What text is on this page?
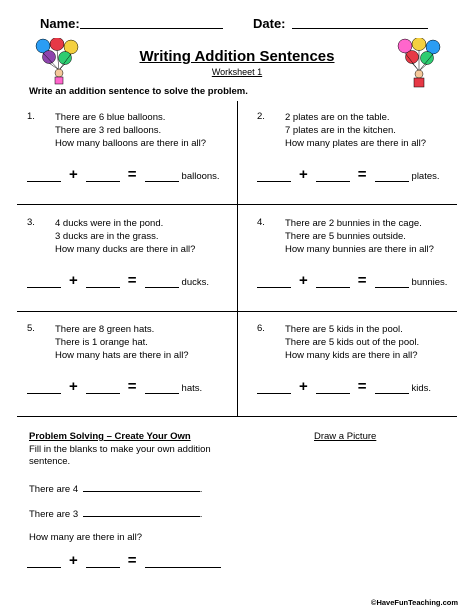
Name:	Date:
Writing Addition Sentences
Worksheet 1
Write an addition sentence to solve the problem.
1. There are 6 blue balloons.
There are 3 red balloons.
How many balloons are there in all?
+	=	balloons.
2. 2 plates are on the table.
7 plates are in the kitchen.
How many plates are there in all?
+	=	plates.
3. 4 ducks were in the pond.
3 ducks are in the grass.
How many ducks are there in all?
+	=	ducks.
4. There are 2 bunnies in the cage.
There are 5 bunnies outside.
How many bunnies are there in all?
+	=	bunnies.
5. There are 8 green hats.
There is 1 orange hat.
How many hats are there in all?
+	=	hats.
6. There are 5 kids in the pool.
There are 5 kids out of the pool.
How many kids are there in all?
+	=	kids.
Problem Solving – Create Your Own	Draw a Picture
Fill in the blanks to make your own addition
sentence.
There are 4	.
There are 3	.
How many are there in all?
+	=
©HaveFunTeaching.com
